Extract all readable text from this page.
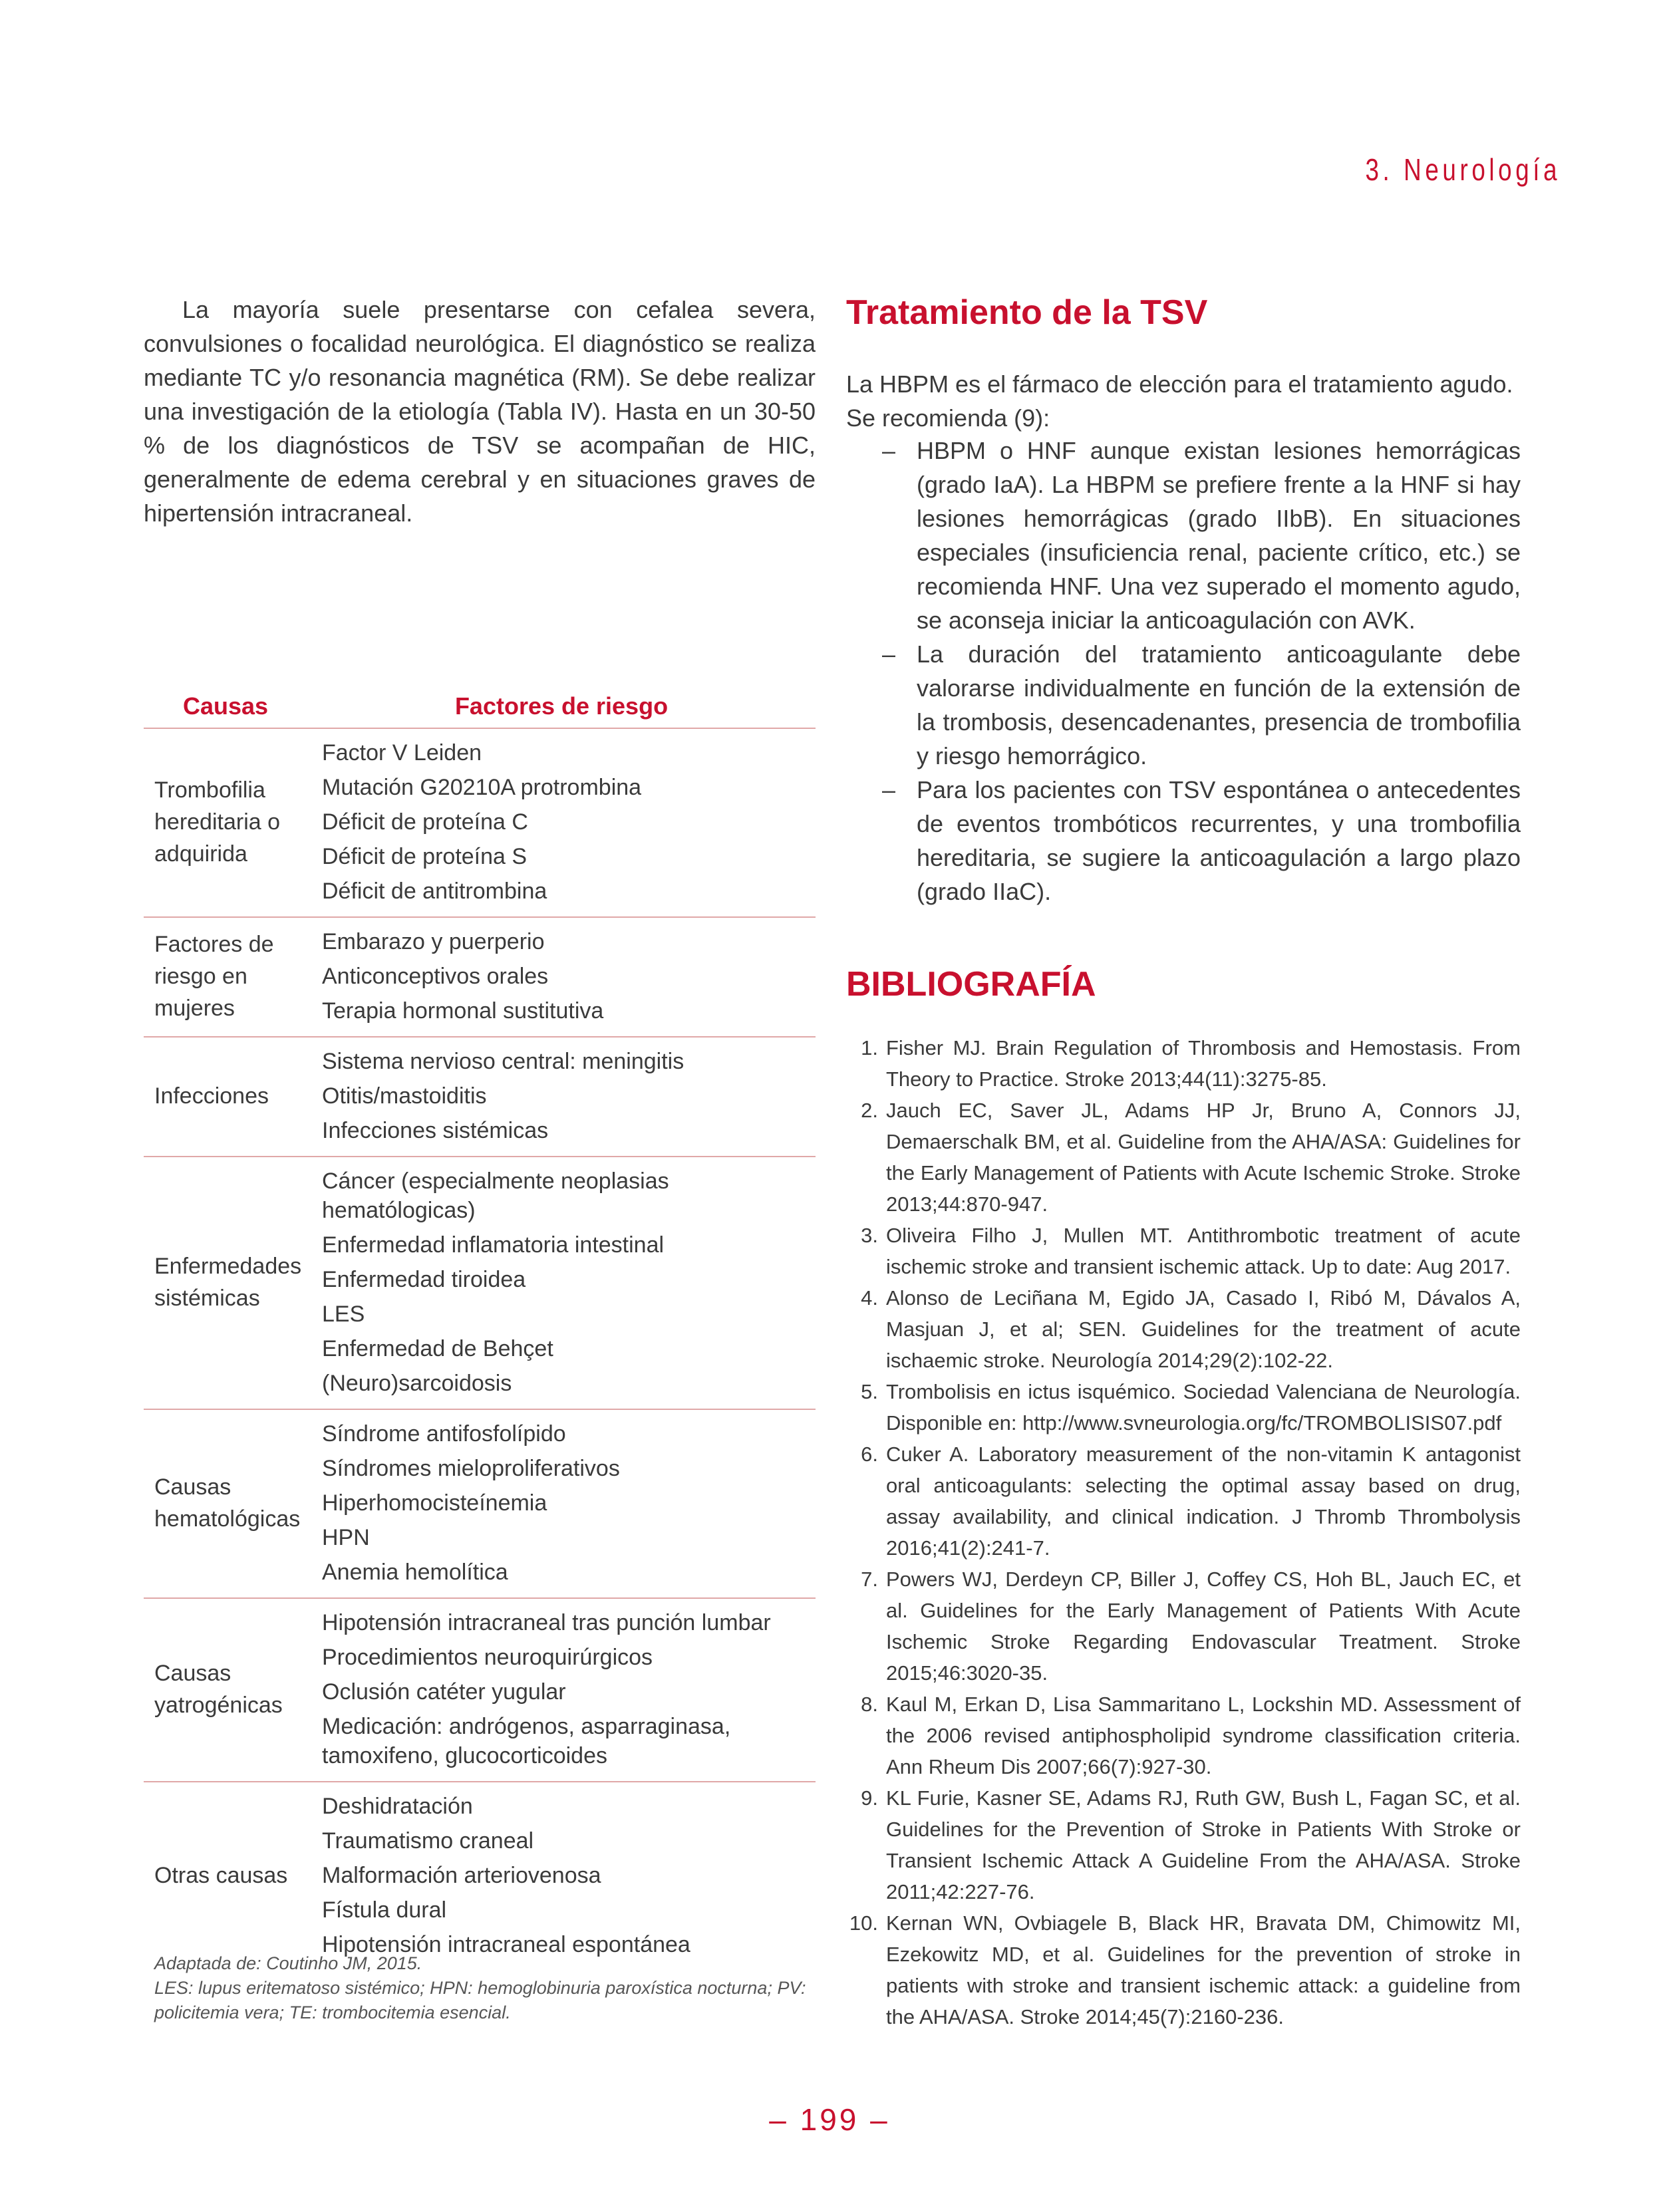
3. Neurología

La mayoría suele presentarse con cefalea severa, convulsiones o focalidad neurológica. El diagnóstico se realiza mediante TC y/o resonancia magnética (RM). Se debe realizar una investigación de la etiología (Tabla IV). Hasta en un 30-50 % de los diagnósticos de TSV se acompañan de HIC, generalmente de edema cerebral y en situaciones graves de hipertensión intracraneal.

Causas	Factores de riesgo
Trombofilia
hereditaria o
adquirida
Factor V Leiden
Mutación G20210A protrombina
Déficit de proteína C
Déficit de proteína S
Déficit de antitrombina
Factores de
riesgo en
mujeres
Embarazo y puerperio
Anticonceptivos orales
Terapia hormonal sustitutiva
Infecciones
Sistema nervioso central: meningitis
Otitis/mastoiditis
Infecciones sistémicas
Enfermedades
sistémicas
Cáncer (especialmente neoplasias hematólogicas)
Enfermedad inflamatoria intestinal
Enfermedad tiroidea
LES
Enfermedad de Behçet
(Neuro)sarcoidosis
Causas
hematológicas
Síndrome antifosfolípido
Síndromes mieloproliferativos
Hiperhomocisteínemia
HPN
Anemia hemolítica
Causas
yatrogénicas
Hipotensión intracraneal tras punción lumbar
Procedimientos neuroquirúrgicos
Oclusión catéter yugular
Medicación: andrógenos, asparraginasa, tamoxifeno, glucocorticoides
Otras causas
Deshidratación
Traumatismo craneal
Malformación arteriovenosa
Fístula dural
Hipotensión intracraneal espontánea
Adaptada de: Coutinho JM, 2015.
LES: lupus eritematoso sistémico; HPN: hemoglobinuria paroxística nocturna; PV: policitemia vera; TE: trombocitemia esencial.
Tratamiento de la TSV

La HBPM es el fármaco de elección para el tratamiento agudo. Se recomienda (9):

– HBPM o HNF aunque existan lesiones hemorrágicas (grado IaA). La HBPM se prefiere frente a la HNF si hay lesiones hemorrágicas (grado IIbB). En situaciones especiales (insuficiencia renal, paciente crítico, etc.) se recomienda HNF. Una vez superado el momento agudo, se aconseja iniciar la anticoagulación con AVK.
– La duración del tratamiento anticoagulante debe valorarse individualmente en función de la extensión de la trombosis, desencadenantes, presencia de trombofilia y riesgo hemorrágico.
– Para los pacientes con TSV espontánea o antecedentes de eventos trombóticos recurrentes, y una trombofilia hereditaria, se sugiere la anticoagulación a largo plazo (grado IIaC).
BIBLIOGRAFÍA
1. Fisher MJ. Brain Regulation of Thrombosis and Hemostasis. From Theory to Practice. Stroke 2013;44(11):3275-85.
2. Jauch EC, Saver JL, Adams HP Jr, Bruno A, Connors JJ, Demaerschalk BM, et al. Guideline from the AHA/ASA: Guidelines for the Early Management of Patients with Acute Ischemic Stroke. Stroke 2013;44:870-947.
3. Oliveira Filho J, Mullen MT. Antithrombotic treatment of acute ischemic stroke and transient ischemic attack. Up to date: Aug 2017.
4. Alonso de Leciñana M, Egido JA, Casado I, Ribó M, Dávalos A, Masjuan J, et al; SEN. Guidelines for the treatment of acute ischaemic stroke. Neurología 2014;29(2):102-22.
5. Trombolisis en ictus isquémico. Sociedad Valenciana de Neurología. Disponible en: http://www.svneurologia.org/fc/TROMBOLISIS07.pdf
6. Cuker A. Laboratory measurement of the non-vitamin K antagonist oral anticoagulants: selecting the optimal assay based on drug, assay availability, and clinical indication. J Thromb Thrombolysis 2016;41(2):241-7.
7. Powers WJ, Derdeyn CP, Biller J, Coffey CS, Hoh BL, Jauch EC, et al. Guidelines for the Early Management of Patients With Acute Ischemic Stroke Regarding Endovascular Treatment. Stroke 2015;46:3020-35.
8. Kaul M, Erkan D, Lisa Sammaritano L, Lockshin MD. Assessment of the 2006 revised antiphospholipid syndrome classification criteria. Ann Rheum Dis 2007;66(7):927-30.
9. KL Furie, Kasner SE, Adams RJ, Ruth GW, Bush L, Fagan SC, et al. Guidelines for the Prevention of Stroke in Patients With Stroke or Transient Ischemic Attack A Guideline From the AHA/ASA. Stroke 2011;42:227-76.
10. Kernan WN, Ovbiagele B, Black HR, Bravata DM, Chimowitz MI, Ezekowitz MD, et al. Guidelines for the prevention of stroke in patients with stroke and transient ischemic attack: a guideline from the AHA/ASA. Stroke 2014;45(7):2160-236.
– 199 –
